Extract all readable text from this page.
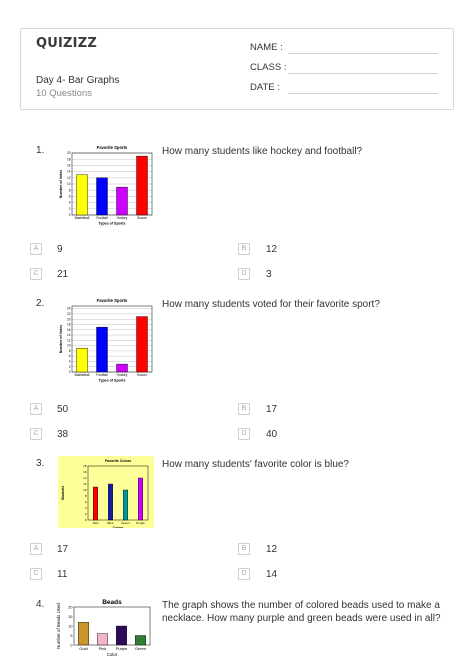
QUIZIZZ
Day 4- Bar Graphs
10 Questions
NAME :
CLASS :
DATE :
1.	How many students like hockey and football?
Favorite Sports
0
2
4
6
8
10
12
14
16
18
20
Basketball Football	Hockey	Soccer
Types of Sports
Number of Votes
A	9	B	12
C	21	D	3
2.	How many students voted for their favorite sport?
Favorite Sports
0
2
4
6
8
10
12
14
16
18
20
22
24
Basketball Football	Hockey	Soccer
Types of Sports
Number of Votes
A	50	B	17
C	38	D	40
3.	How many students' favorite color is blue?
Favorite Colors
0
2
4
6
8
10
12
14
16
18
Red	Blue	Green Purple
Colors
Students
A	17	B	12
C	11	D	14
4.	The graph shows the number of colored beads used to make a necklace. How many purple and green beads were used in all?
Beads
0
5
10
15
20
Gold	Pink Purple Green
Color
Number of Beads Used
